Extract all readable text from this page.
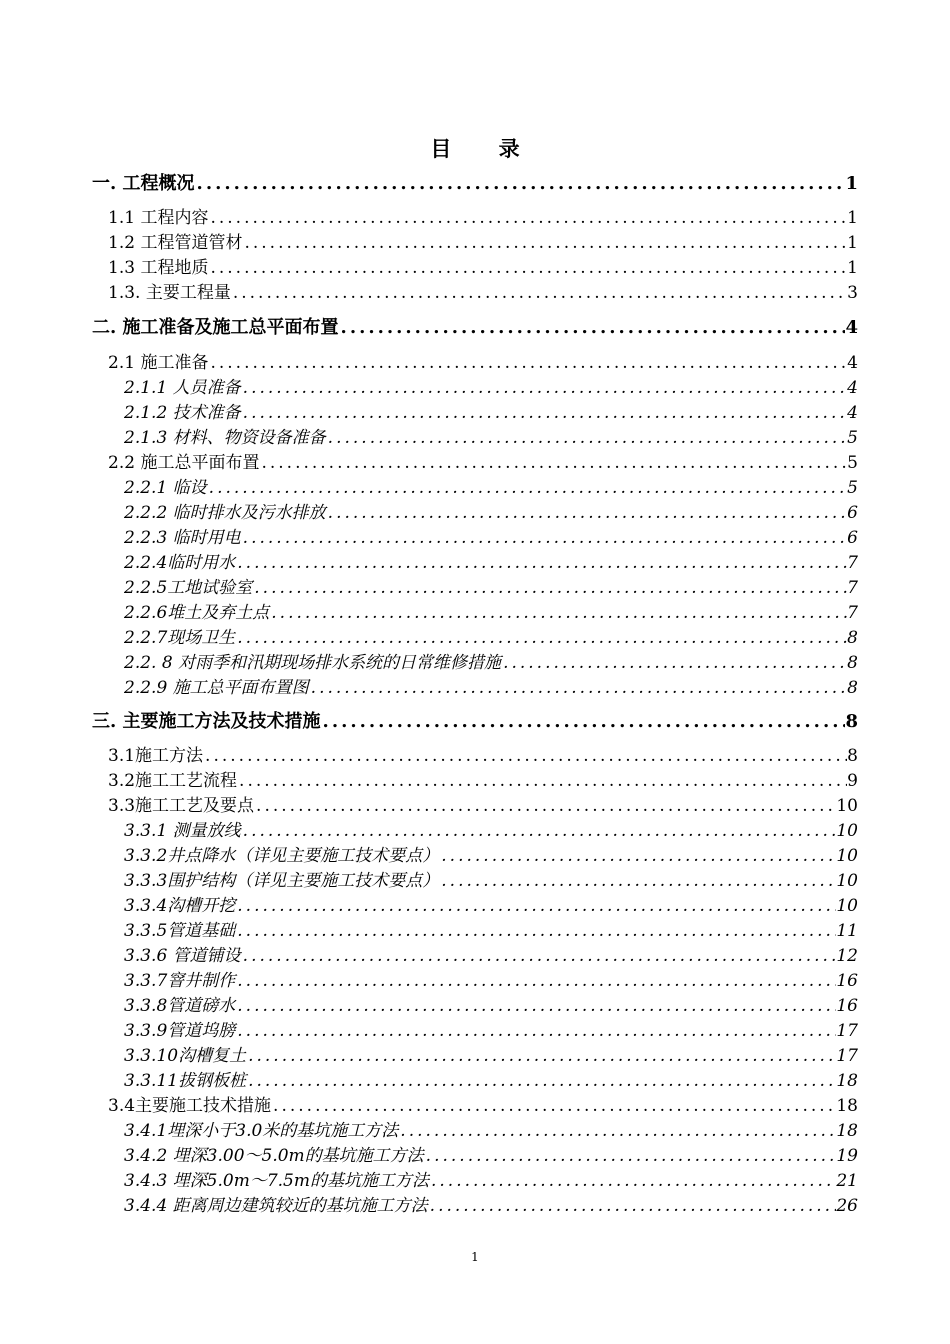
目 录
一. 工程概况 .....	1
1.1 工程内容 .....	1
1.2 工程管道管材 .....	1
1.3 工程地质 .....	1
1.3. 主要工程量 .....	3
二. 施工准备及施工总平面布置 .....	4
2.1 施工准备 .....	4
2.1.1 人员准备 .....	4
2.1.2 技术准备 .....	4
2.1.3 材料、物资设备准备 .....	5
2.2 施工总平面布置 .....	5
2.2.1 临设 .....	5
2.2.2 临时排水及污水排放 .....	6
2.2.3 临时用电 .....	6
2.2.4临时用水 .....	7
2.2.5工地试验室 .....	7
2.2.6堆土及弃土点 .....	7
2.2.7现场卫生 .....	8
2.2. 8 对雨季和汛期现场排水系统的日常维修措施 .....	8
2.2.9 施工总平面布置图 .....	8
三. 主要施工方法及技术措施 .....	8
3.1施工方法 .....	8
3.2施工工艺流程 .....	9
3.3施工工艺及要点 .....	10
3.3.1 测量放线 .....	10
3.3.2井点降水（详见主要施工技术要点） .....	10
3.3.3围护结构（详见主要施工技术要点） .....	10
3.3.4沟槽开挖 .....	10
3.3.5管道基础 .....	11
3.3.6 管道铺设 .....	12
3.3.7窨井制作 .....	16
3.3.8管道磅水 .....	16
3.3.9管道坞膀 .....	17
3.3.10沟槽复土 .....	17
3.3.11拔钢板桩 .....	18
3.4主要施工技术措施 .....	18
3.4.1埋深小于3.0米的基坑施工方法 .....	18
3.4.2 埋深3.00～5.0m的基坑施工方法 .....	19
3.4.3 埋深5.0m～7.5m的基坑施工方法 .....	21
3.4.4 距离周边建筑较近的基坑施工方法 .....	26
1
